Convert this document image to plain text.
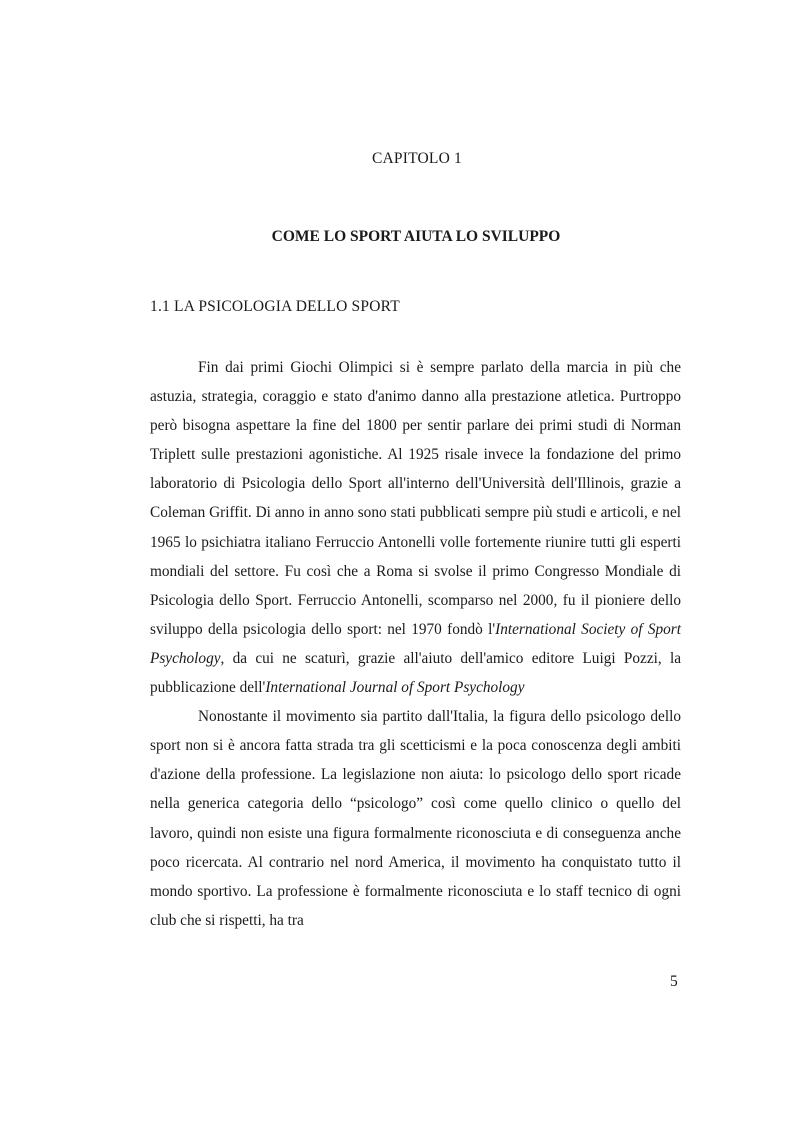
CAPITOLO 1
COME LO SPORT AIUTA LO SVILUPPO
1.1 LA PSICOLOGIA DELLO SPORT

Fin dai primi Giochi Olimpici si è sempre parlato della marcia in più che astuzia, strategia, coraggio e stato d'animo danno alla prestazione atletica. Purtroppo però bisogna aspettare la fine del 1800 per sentir parlare dei primi studi di Norman Triplett sulle prestazioni agonistiche. Al 1925 risale invece la fondazione del primo laboratorio di Psicologia dello Sport all'interno dell'Università dell'Illinois, grazie a Coleman Griffit. Di anno in anno sono stati pubblicati sempre più studi e articoli, e nel 1965 lo psichiatra italiano Ferruccio Antonelli volle fortemente riunire tutti gli esperti mondiali del settore. Fu così che a Roma si svolse il primo Congresso Mondiale di Psicologia dello Sport. Ferruccio Antonelli, scomparso nel 2000, fu il pioniere dello sviluppo della psicologia dello sport: nel 1970 fondò l'International Society of Sport Psychology, da cui ne scaturì, grazie all'aiuto dell'amico editore Luigi Pozzi, la pubblicazione dell'International Journal of Sport Psychology

Nonostante il movimento sia partito dall'Italia, la figura dello psicologo dello sport non si è ancora fatta strada tra gli scetticismi e la poca conoscenza degli ambiti d'azione della professione. La legislazione non aiuta: lo psicologo dello sport ricade nella generica categoria dello “psicologo” così come quello clinico o quello del lavoro, quindi non esiste una figura formalmente riconosciuta e di conseguenza anche poco ricercata. Al contrario nel nord America, il movimento ha conquistato tutto il mondo sportivo. La professione è formalmente riconosciuta e lo staff tecnico di ogni club che si rispetti, ha tra

5
